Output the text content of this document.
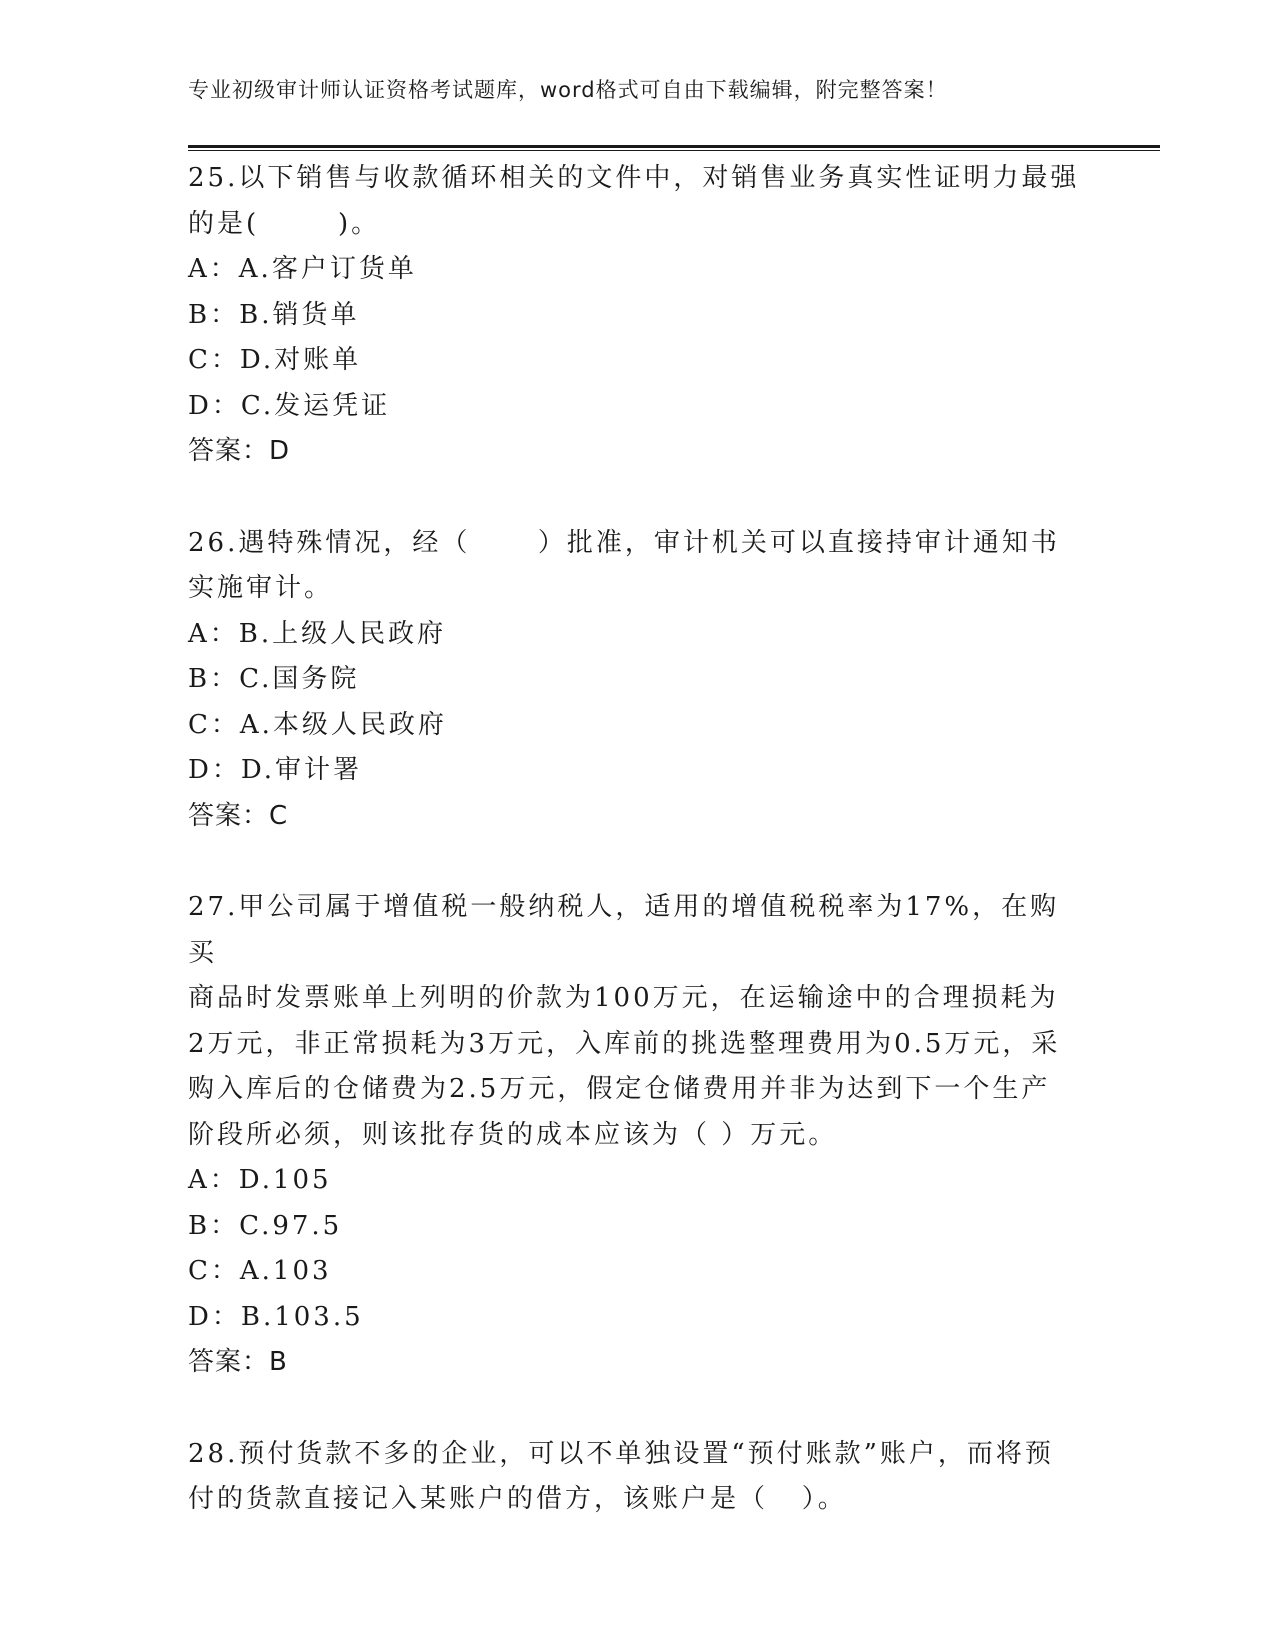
专业初级审计师认证资格考试题库，word格式可自由下载编辑，附完整答案！

25.以下销售与收款循环相关的文件中，对销售业务真实性证明力最强

的是(       )。

A：A.客户订货单
B：B.销货单
C：D.对账单
D：C.发运凭证
答案：D

26.遇特殊情况，经（      ）批准，审计机关可以直接持审计通知书

实施审计。

A：B.上级人民政府
B：C.国务院
C：A.本级人民政府
D：D.审计署
答案：C

27.甲公司属于增值税一般纳税人，适用的增值税税率为17%，在购买

商品时发票账单上列明的价款为100万元，在运输途中的合理损耗为

2万元，非正常损耗为3万元，入库前的挑选整理费用为0.5万元，采

购入库后的仓储费为2.5万元，假定仓储费用并非为达到下一个生产

阶段所必须，则该批存货的成本应该为（ ）万元。

A：D.105
B：C.97.5
C：A.103
D：B.103.5
答案：B

28.预付货款不多的企业，可以不单独设置“预付账款”账户，而将预

付的货款直接记入某账户的借方，该账户是（   ）。
